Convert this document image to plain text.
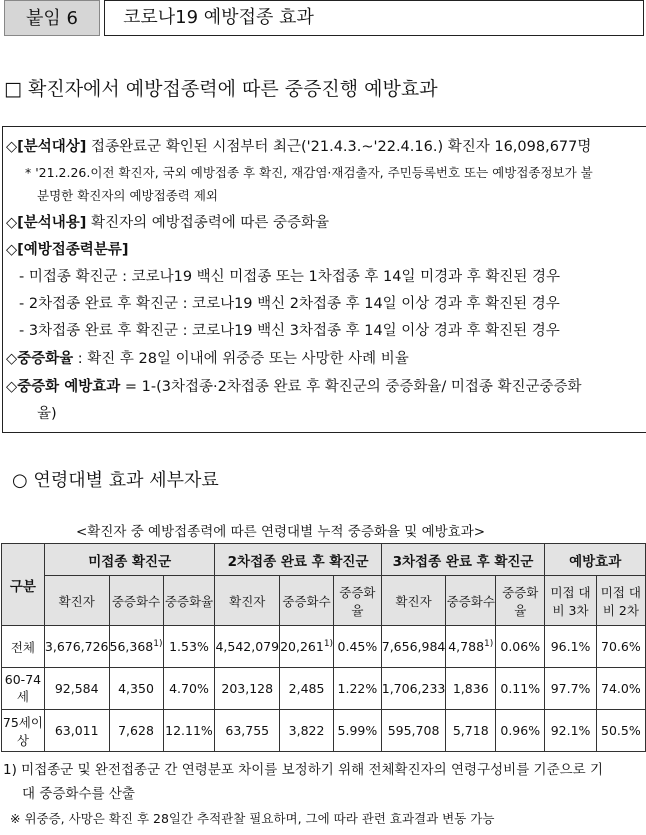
붙임 6	코로나19 예방접종 효과
□ 확진자에서 예방접종력에 따른 중증진행 예방효과
◇[분석대상] 접종완료군 확인된 시점부터 최근('21.4.3.~'22.4.16.) 확진자 16,098,677명
* '21.2.26.이전 확진자, 국외 예방접종 후 확진, 재감염·재검출자, 주민등록번호 또는 예방접종정보가 불
분명한 확진자의 예방접종력 제외
◇[분석내용] 확진자의 예방접종력에 따른 중증화율
◇[예방접종력분류]
- 미접종 확진군 : 코로나19 백신 미접종 또는 1차접종 후 14일 미경과 후 확진된 경우
- 2차접종 완료 후 확진군 : 코로나19 백신 2차접종 후 14일 이상 경과 후 확진된 경우
- 3차접종 완료 후 확진군 : 코로나19 백신 3차접종 후 14일 이상 경과 후 확진된 경우
◇중증화율 : 확진 후 28일 이내에 위중증 또는 사망한 사례 비율
◇중증화 예방효과 = 1-(3차접종·2차접종 완료 후 확진군의 중증화율/ 미접종 확진군중증화
율)
○ 연령대별 효과 세부자료
<확진자 중 예방접종력에 따른 연령대별 누적 중증화율 및 예방효과>
구분	미접종 확진군			2차접종 완료 후 확진군			3차접종 완료 후 확진군			예방효과	
	확진자	중증화수	중증화율	확진자	중증화수	중증화율	확진자	중증화수	중증화율	미접 대비 3차	미접 대비 2차
전체	3,676,726	56,368$^{1)}$	1.53%	4,542,079	20,261$^{1)}$	0.45%	7,656,984	4,788$^{1)}$	0.06%	96.1%	70.6%
60-74세	92,584	4,350	4.70%	203,128	2,485	1.22%	1,706,233	1,836	0.11%	97.7%	74.0%
75세이상	63,011	7,628	12.11%	63,755	3,822	5.99%	595,708	5,718	0.96%	92.1%	50.5%
1) 미접종군 및 완전접종군 간 연령분포 차이를 보정하기 위해 전체확진자의 연령구성비를 기준으로 기
대 중증화수를 산출
※ 위중증, 사망은 확진 후 28일간 추적관찰 필요하며, 그에 따라 관련 효과결과 변동 가능
